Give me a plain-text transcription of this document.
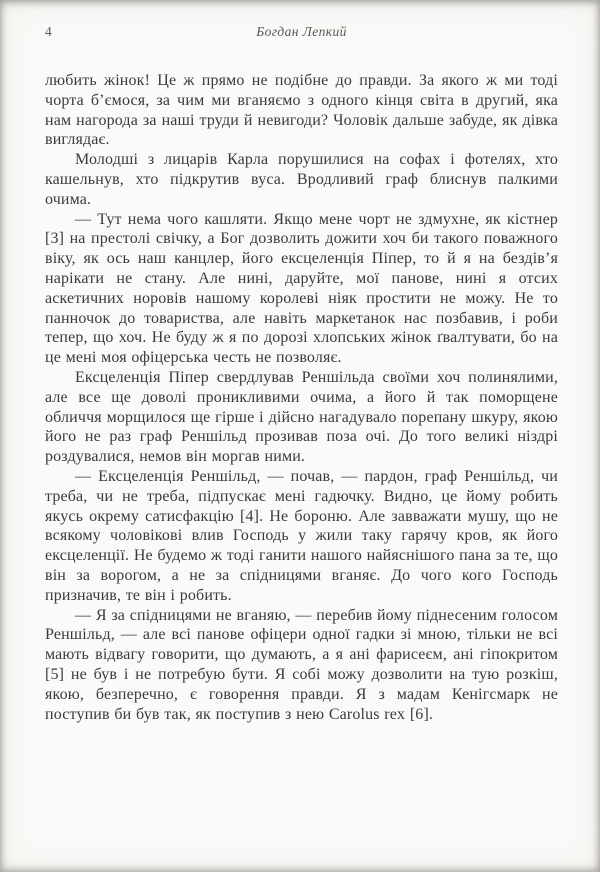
4	Богдан Лепкий

любить жінок! Це ж прямо не подібне до правди. За якого ж ми тоді чорта б’ємося, за чим ми вганяємо з одного кінця світа в другий, яка нам нагорода за наші труди й невигоди? Чоловік дальше забуде, як дівка виглядає.

Молодші з лицарів Карла порушилися на софах і фотелях, хто кашельнув, хто підкрутив вуса. Вродливий граф блиснув палкими очима.

— Тут нема чого кашляти. Якщо мене чорт не здмухне, як кістнер [3] на престолі свічку, а Бог дозволить дожити хоч би такого поважного віку, як ось наш канцлер, його ексцеленція Піпер, то й я на бездів’я нарікати не стану. Але нині, даруйте, мої панове, нині я отсих аскетичних норовів нашому королеві ніяк простити не можу. Не то панночок до товариства, але навіть маркетанок нас позбавив, і роби тепер, що хоч. Не буду ж я по дорозі хлопських жінок ґвалтувати, бо на це мені моя офіцерська честь не позволяє.

Ексцеленція Піпер свердлував Реншільда своїми хоч полинялими, але все ще доволі проникливими очима, а його й так поморщене обличчя морщилося ще гірше і дійсно нагадувало порепану шкуру, якою його не раз граф Реншільд прозивав поза очі. До того великі ніздрі роздувалися, немов він моргав ними.

— Ексцеленція Реншільд, — почав, — пардон, граф Реншільд, чи треба, чи не треба, підпускає мені гадючку. Видно, це йому робить якусь окрему сатисфакцію [4]. Не бороню. Але завважати мушу, що не всякому чоловікові влив Господь у жили таку гарячу кров, як його ексцеленції. Не будемо ж тоді ганити нашого найяснішого пана за те, що він за ворогом, а не за спідницями вганяє. До чого кого Господь призначив, те він і робить.

— Я за спідницями не вганяю, — перебив йому піднесеним голосом Реншільд, — але всі панове офіцери одної гадки зі мною, тільки не всі мають відвагу говорити, що думають, а я ані фарисеєм, ані гіпокритом [5] не був і не потребую бути. Я собі можу дозволити на тую розкіш, якою, безперечно, є говорення правди. Я з мадам Кенігсмарк не поступив би був так, як поступив з нею Carolus rex [6].
